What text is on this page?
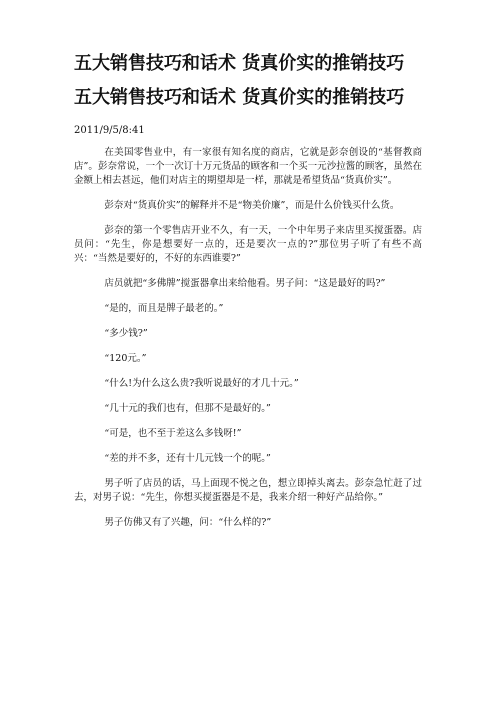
五大销售技巧和话术 货真价实的推销技巧
五大销售技巧和话术 货真价实的推销技巧
2011/9/5/8:41

在美国零售业中，有一家很有知名度的商店，它就是彭奈创设的“基督教商店”。彭奈常说，一个一次订十万元货品的顾客和一个买一元沙拉酱的顾客，虽然在金额上相去甚远，他们对店主的期望却是一样，那就是希望货品“货真价实”。

彭奈对“货真价实”的解释并不是“物美价廉”，而是什么价钱买什么货。

彭奈的第一个零售店开业不久，有一天，一个中年男子来店里买搅蛋器。店员问：“先生，你是想要好一点的，还是要次一点的?”那位男子听了有些不高兴：“当然是要好的，不好的东西谁要?”

店员就把“多佛牌”搅蛋器拿出来给他看。男子问：“这是最好的吗?”

“是的，而且是牌子最老的。”

“多少钱?”

“120元。”

“什么!为什么这么贵?我听说最好的才几十元。”

“几十元的我们也有，但那不是最好的。”

“可是，也不至于差这么多钱呀!”

“差的并不多，还有十几元钱一个的呢。”

男子听了店员的话，马上面现不悦之色，想立即掉头离去。彭奈急忙赶了过去，对男子说：“先生，你想买搅蛋器是不是，我来介绍一种好产品给你。”

男子仿佛又有了兴趣，问：“什么样的?”
